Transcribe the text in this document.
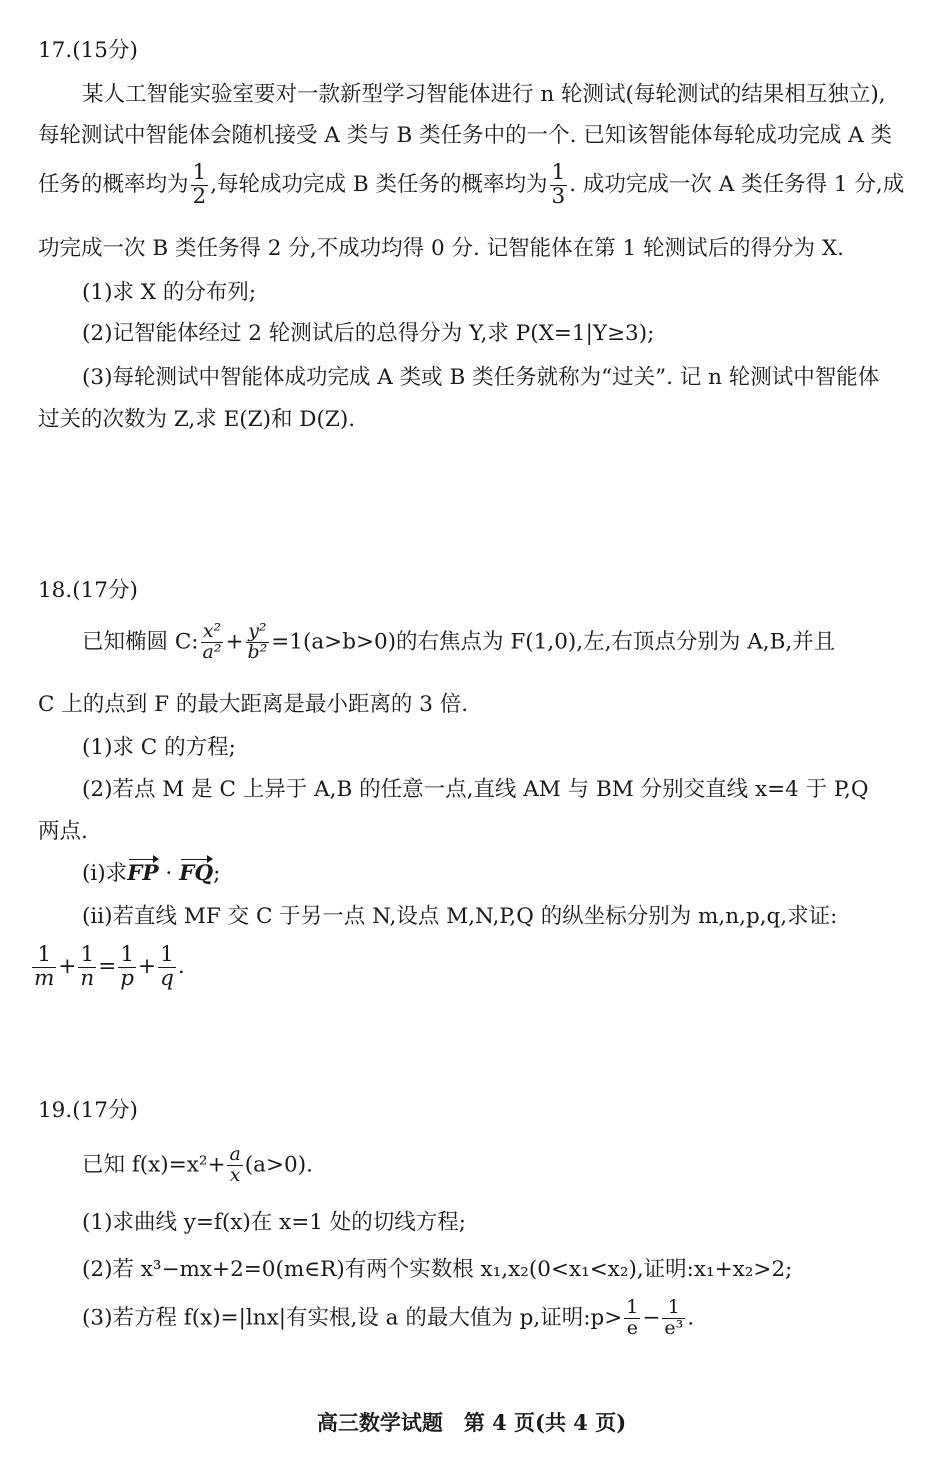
17.(15分)
某人工智能实验室要对一款新型学习智能体进行 n 轮测试(每轮测试的结果相互独立),
每轮测试中智能体会随机接受 A 类与 B 类任务中的一个. 已知该智能体每轮成功完成 A 类
任务的概率均为 $\frac{1}{2}$ ,每轮成功完成 B 类任务的概率均为 $\frac{1}{3}$ . 成功完成一次 A 类任务得 1 分,成
功完成一次 B 类任务得 2 分,不成功均得 0 分. 记智能体在第 1 轮测试后的得分为 X.
(1)求 X 的分布列;
(2)记智能体经过 2 轮测试后的总得分为 Y,求 P(X=1|Y≥3);
(3)每轮测试中智能体成功完成 A 类或 B 类任务就称为“过关”. 记 n 轮测试中智能体
过关的次数为 Z,求 E(Z)和 D(Z).
18.(17分)
已知椭圆 C: $\frac{\text{x²}}{\text{a²}} + \frac{\text{y²}}{\text{b²}} =1(a>b>0)$的右焦点为 F(1,0),左,右顶点分别为 A,B,并且
C 上的点到 F 的最大距离是最小距离的 3 倍.
(1)求 C 的方程;
(2)若点 M 是 C 上异于 A,B 的任意一点,直线 AM 与 BM 分别交直线 x=4 于 P,Q
两点.
(i)求FP · FQ;
(ii)若直线 MF 交 C 于另一点 N,设点 M,N,P,Q 的纵坐标分别为 m,n,p,q,求证:
$\frac{1}{m} + \frac{1}{n} = \frac{1}{p} + \frac{1}{q}$ .
19.(17分)
已知 $f(x)=x^2+ \frac{a}{x} (a>0)$.
(1)求曲线 y=f(x)在 x=1 处的切线方程;
(2)若 x³−mx+2=0(m∈R)有两个实数根 x₁,x₂(0<x₁<x₂),证明:x₁+x₂>2;
(3)若方程 f(x)=|lnx|有实根,设 a 的最大值为 p,证明:p> $\frac{1}{e} - \frac{1}{\text{e³}}$ .
高三数学试题　第 4 页(共 4 页)
